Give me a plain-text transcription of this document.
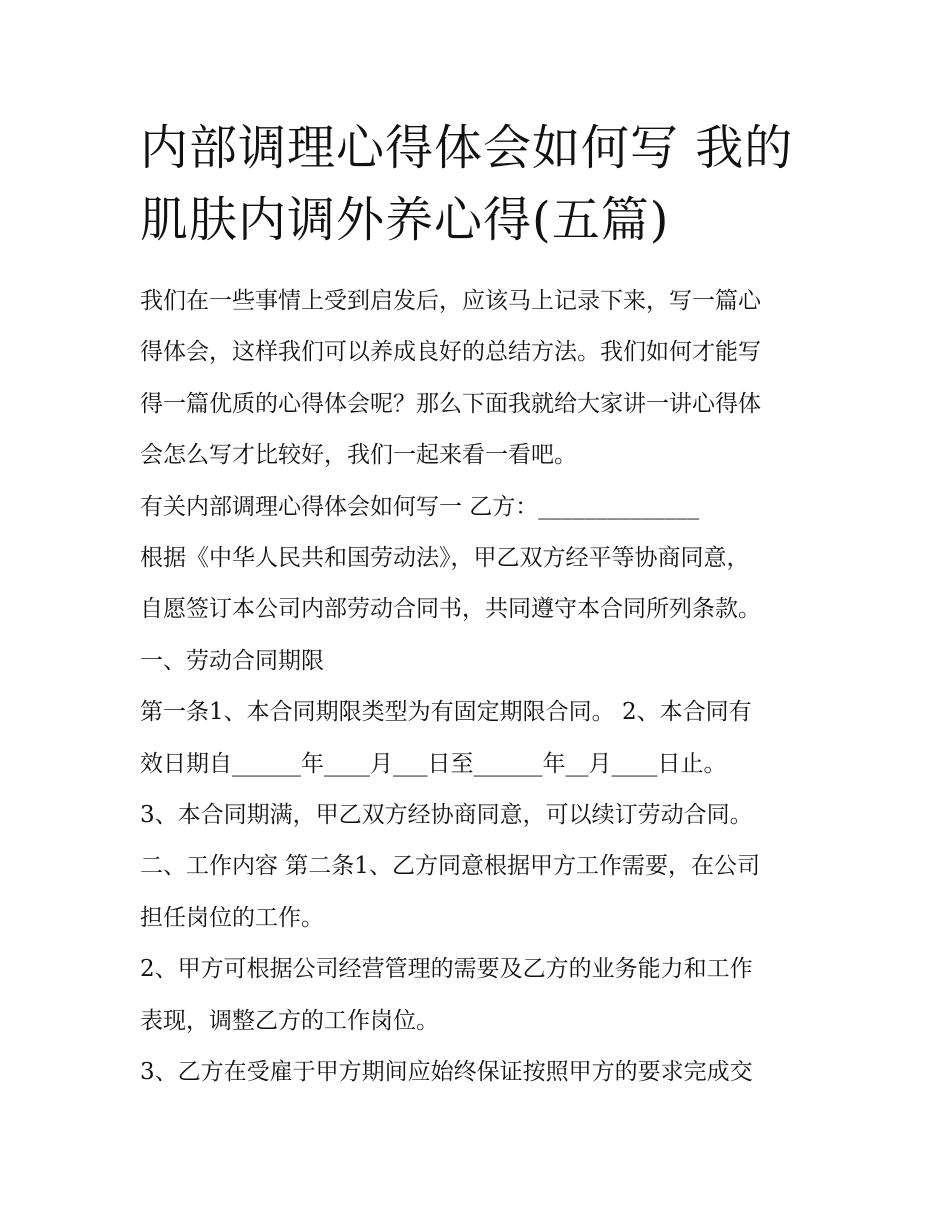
内部调理心得体会如何写 我的
肌肤内调外养心得(五篇)

我们在一些事情上受到启发后，应该马上记录下来，写一篇心

得体会，这样我们可以养成良好的总结方法。我们如何才能写

得一篇优质的心得体会呢？那么下面我就给大家讲一讲心得体

会怎么写才比较好，我们一起来看一看吧。

有关内部调理心得体会如何写一 乙方：______________

根据《中华人民共和国劳动法》，甲乙双方经平等协商同意，

自愿签订本公司内部劳动合同书，共同遵守本合同所列条款。

一、劳动合同期限

第一条1、本合同期限类型为有固定期限合同。 2、本合同有

效日期自______年____月___日至______年__月____日止。

3、本合同期满，甲乙双方经协商同意，可以续订劳动合同。

二、工作内容 第二条1、乙方同意根据甲方工作需要，在公司

担任岗位的工作。

2、甲方可根据公司经营管理的需要及乙方的业务能力和工作

表现，调整乙方的工作岗位。

3、乙方在受雇于甲方期间应始终保证按照甲方的要求完成交
